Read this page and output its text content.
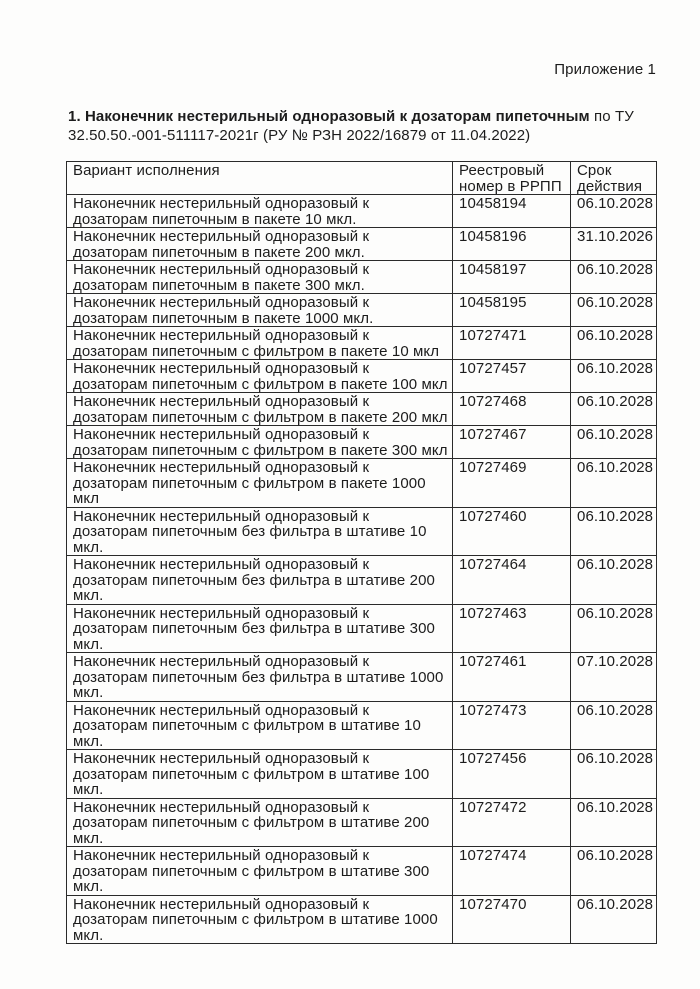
Приложение 1

1. Наконечник нестерильный одноразовый к дозаторам пипеточным по ТУ 32.50.50.-001-511117-2021г (РУ № РЗН 2022/16879 от 11.04.2022)

Вариант исполнения	Реестровый номер в РРПП	Срок действия
Наконечник нестерильный одноразовый к дозаторам пипеточным в пакете 10 мкл.	10458194	06.10.2028
Наконечник нестерильный одноразовый к дозаторам пипеточным в пакете 200 мкл.	10458196	31.10.2026
Наконечник нестерильный одноразовый к дозаторам пипеточным в пакете 300 мкл.	10458197	06.10.2028
Наконечник нестерильный одноразовый к дозаторам пипеточным в пакете 1000 мкл.	10458195	06.10.2028
Наконечник нестерильный одноразовый к дозаторам пипеточным с фильтром в пакете 10 мкл	10727471	06.10.2028
Наконечник нестерильный одноразовый к дозаторам пипеточным с фильтром в пакете 100 мкл	10727457	06.10.2028
Наконечник нестерильный одноразовый к дозаторам пипеточным с фильтром в пакете 200 мкл	10727468	06.10.2028
Наконечник нестерильный одноразовый к дозаторам пипеточным с фильтром в пакете 300 мкл	10727467	06.10.2028
Наконечник нестерильный одноразовый к дозаторам пипеточным с фильтром в пакете 1000 мкл	10727469	06.10.2028
Наконечник нестерильный одноразовый к дозаторам пипеточным без фильтра в штативе 10 мкл.	10727460	06.10.2028
Наконечник нестерильный одноразовый к дозаторам пипеточным без фильтра в штативе 200 мкл.	10727464	06.10.2028
Наконечник нестерильный одноразовый к дозаторам пипеточным без фильтра в штативе 300 мкл.	10727463	06.10.2028
Наконечник нестерильный одноразовый к дозаторам пипеточным без фильтра в штативе 1000 мкл.	10727461	07.10.2028
Наконечник нестерильный одноразовый к дозаторам пипеточным с фильтром в штативе 10 мкл.	10727473	06.10.2028
Наконечник нестерильный одноразовый к дозаторам пипеточным с фильтром в штативе 100 мкл.	10727456	06.10.2028
Наконечник нестерильный одноразовый к дозаторам пипеточным с фильтром в штативе 200 мкл.	10727472	06.10.2028
Наконечник нестерильный одноразовый к дозаторам пипеточным с фильтром в штативе 300 мкл.	10727474	06.10.2028
Наконечник нестерильный одноразовый к дозаторам пипеточным с фильтром в штативе 1000 мкл.	10727470	06.10.2028
